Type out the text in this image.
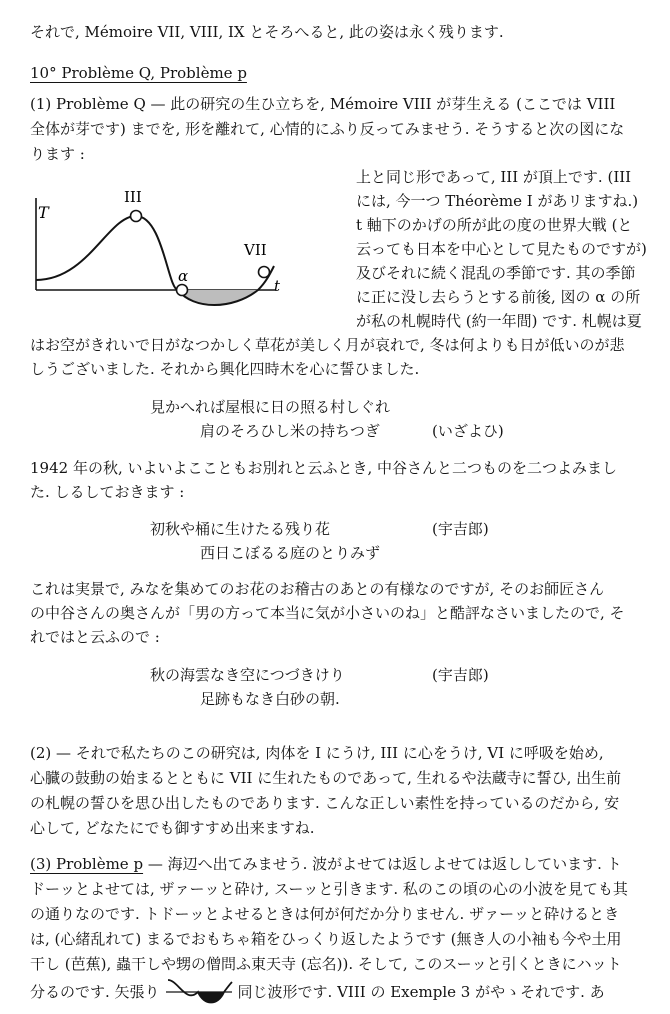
それで, Mémoire VII, VIII, IX とそろへると, 此の姿は永く残ります.
10° Problème Q, Problème p
(1) Problème Q — 此の研究の生ひ立ちを, Mémoire VIII が芽生える (ここでは VIII
全体が芽です) までを, 形を離れて, 心情的にふり反ってみませう. そうすると次の図にな
ります :
T
III
VII
α
t
上と同じ形であって, III が頂上です. (III
には, 今一つ Théorème I があリますね.)
t 軸下のかげの所が此の度の世界大戦 (と
云っても日本を中心として見たものですが)
及びそれに続く混乱の季節です. 其の季節
に正に没し去らうとする前後, 図の α の所
が私の札幌時代 (約一年間) です. 札幌は夏
はお空がきれいで日がなつかしく草花が美しく月が哀れで, 冬は何よりも日が低いのが悲
しうございました. それから興化四時木を心に誓ひました.
見かへれば屋根に日の照る村しぐれ
肩のそろひし米の持ちつぎ	(いざよひ)
1942 年の秋, いよいよここともお別れと云ふとき, 中谷さんと二つものを二つよみまし
た. しるしておきます :
初秋や桶に生けたる残り花	(宇吉郎)
西日こぼるる庭のとりみず
これは実景で, みなを集めてのお花のお稽古のあとの有様なのですが, そのお師匠さん
の中谷さんの奥さんが「男の方って本当に気が小さいのね」と酷評なさいましたので, そ
れではと云ふので :
秋の海雲なき空につづきけり	(宇吉郎)
足跡もなき白砂の朝.
(2) — それで私たちのこの研究は, 肉体を I にうけ, III に心をうけ, VI に呼吸を始め,
心臓の鼓動の始まるとともに VII に生れたものであって, 生れるや法蔵寺に誓ひ, 出生前
の札幌の誓ひを思ひ出したものであります. こんな正しい素性を持っているのだから, 安
心して, どなたにでも御すすめ出来ますね.
(3) Problème p — 海辺へ出てみませう. 波がよせては返しよせては返ししています. ト
ドーッとよせては, ザァーッと砕け, スーッと引きます. 私のこの頃の心の小波を見ても其
の通りなのです. トドーッとよせるときは何が何だか分りません. ザァーッと砕けるとき
は, (心緒乱れて) まるでおもちゃ箱をひっくり返したようです (無き人の小袖も今や土用
干し (芭蕉), 蟲干しや甥の僧問ふ東天寺 (忘名)). そして, このスーッと引くときにハット
分るのです. 矢張り	同じ波形です. VIII の Exemple 3 がやゝそれです. あ
